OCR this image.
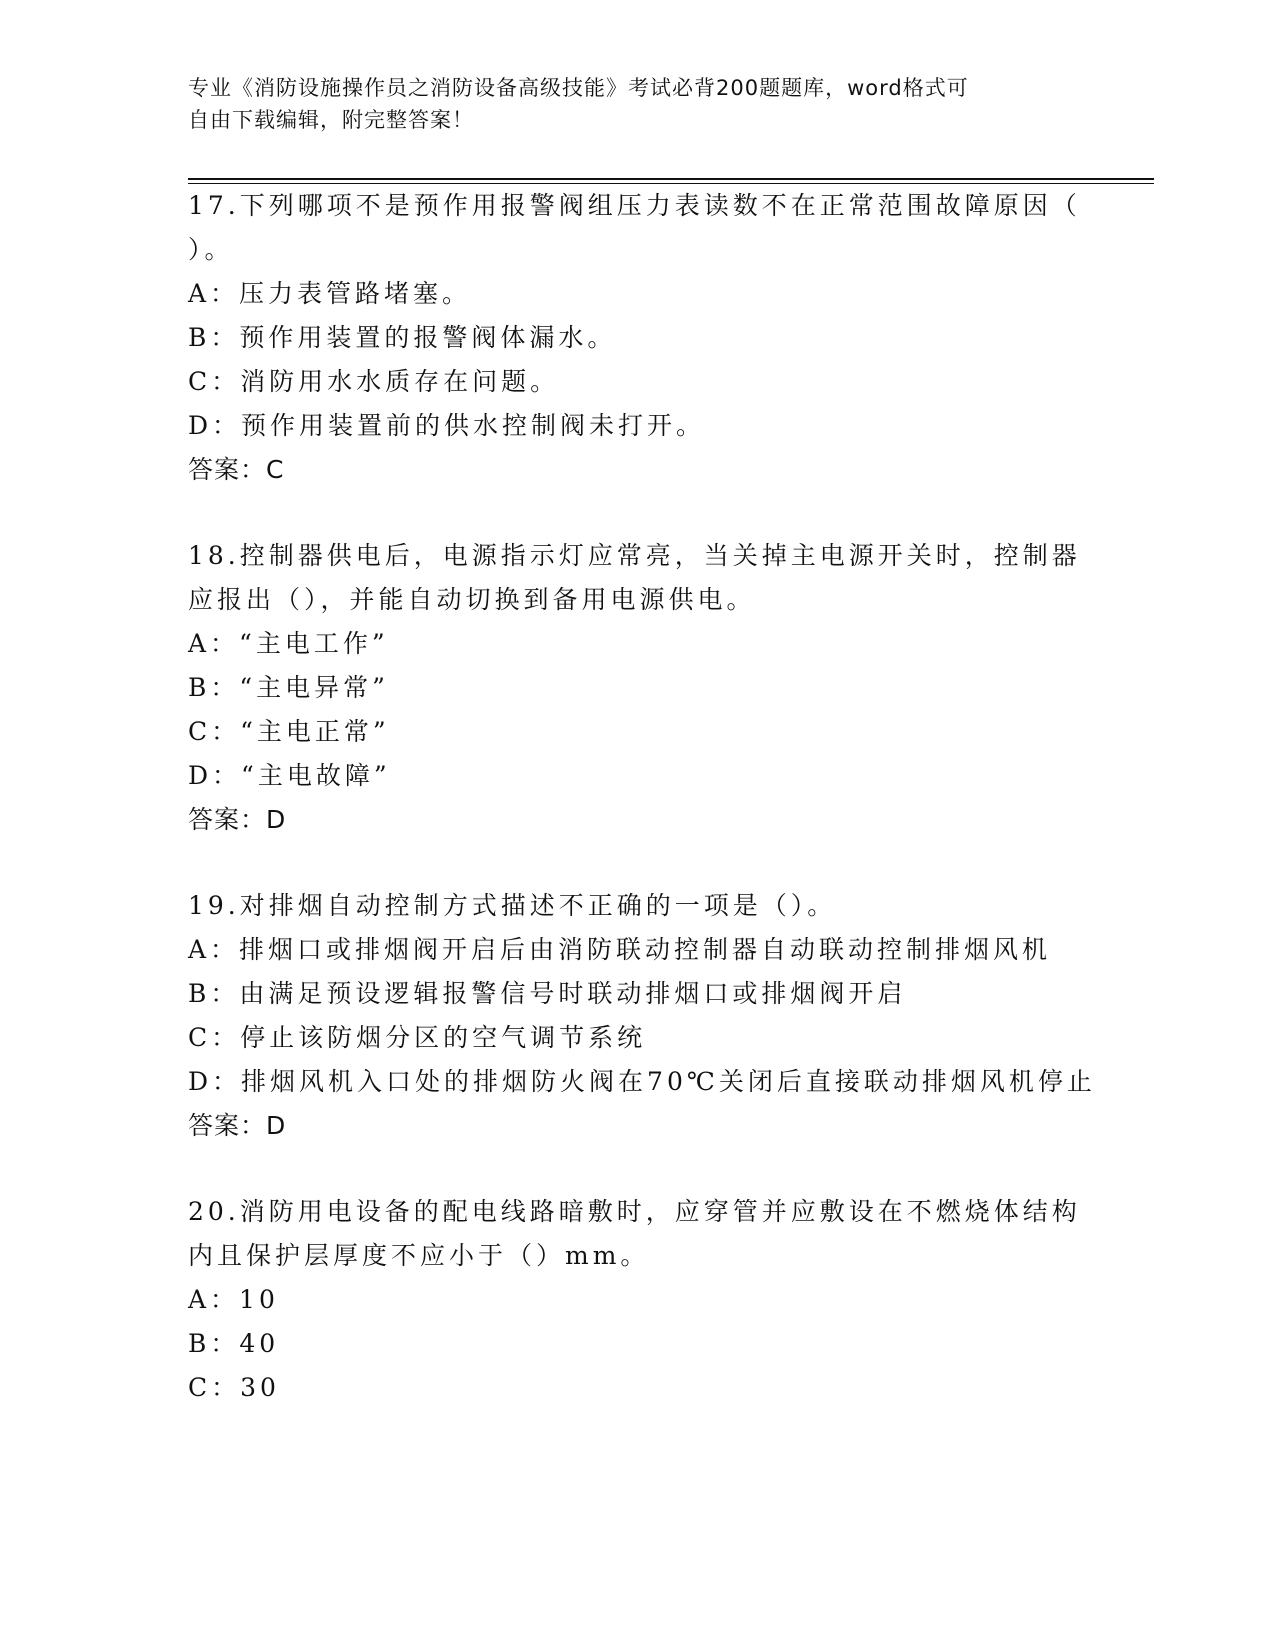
专业《消防设施操作员之消防设备高级技能》考试必背200题题库，word格式可
自由下载编辑，附完整答案！
17.下列哪项不是预作用报警阀组压力表读数不在正常范围故障原因（
）。
A：压力表管路堵塞。
B：预作用装置的报警阀体漏水。
C：消防用水水质存在问题。
D：预作用装置前的供水控制阀未打开。
答案：C
18.控制器供电后，电源指示灯应常亮，当关掉主电源开关时，控制器
应报出（），并能自动切换到备用电源供电。
A：“主电工作”
B：“主电异常”
C：“主电正常”
D：“主电故障”
答案：D
19.对排烟自动控制方式描述不正确的一项是（）。
A：排烟口或排烟阀开启后由消防联动控制器自动联动控制排烟风机
B：由满足预设逻辑报警信号时联动排烟口或排烟阀开启
C：停止该防烟分区的空气调节系统
D：排烟风机入口处的排烟防火阀在70℃关闭后直接联动排烟风机停止
答案：D
20.消防用电设备的配电线路暗敷时，应穿管并应敷设在不燃烧体结构
内且保护层厚度不应小于（）mm。
A：10
B：40
C：30
